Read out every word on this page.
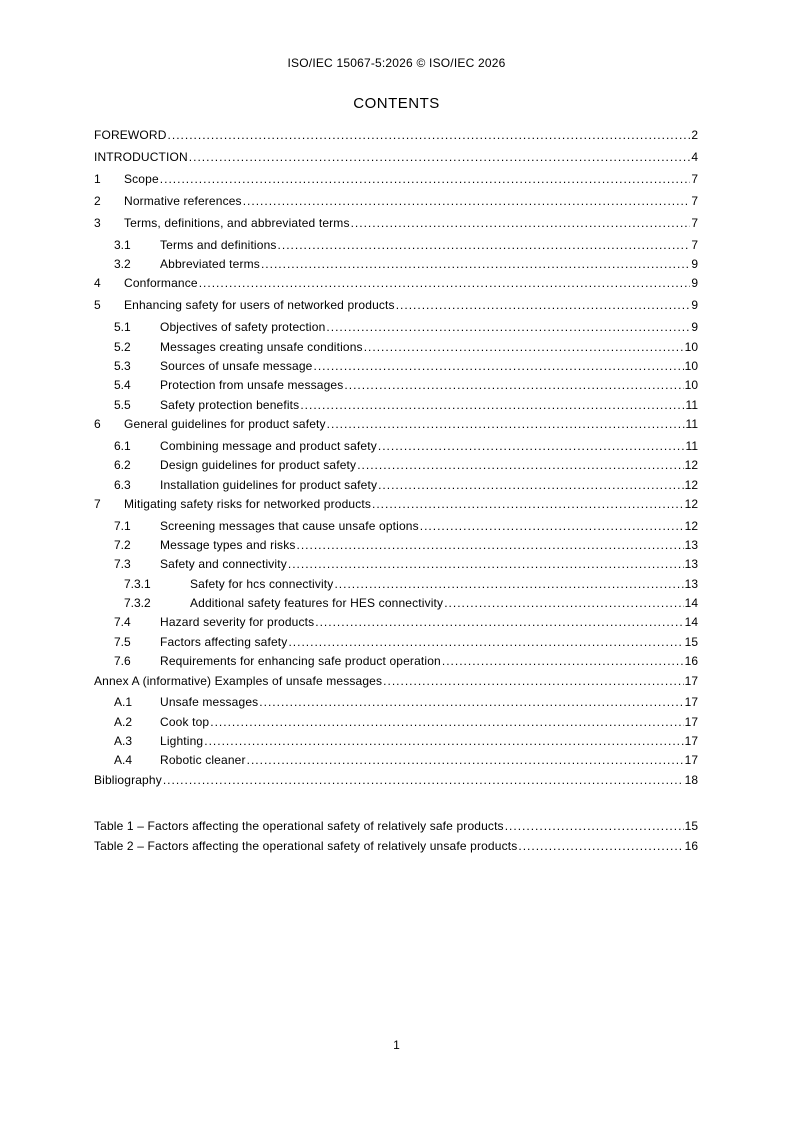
ISO/IEC 15067-5:2026 © ISO/IEC 2026
CONTENTS
FOREWORD .....	2
INTRODUCTION .....	4
1	Scope .....	7
2	Normative references .....	7
3	Terms, definitions, and abbreviated terms .....	7
3.1	Terms and definitions .....	7
3.2	Abbreviated terms .....	9
4	Conformance .....	9
5	Enhancing safety for users of networked products .....	9
5.1	Objectives of safety protection .....	9
5.2	Messages creating unsafe conditions .....	10
5.3	Sources of unsafe message .....	10
5.4	Protection from unsafe messages .....	10
5.5	Safety protection benefits .....	11
6	General guidelines for product safety .....	11
6.1	Combining message and product safety .....	11
6.2	Design guidelines for product safety .....	12
6.3	Installation guidelines for product safety .....	12
7	Mitigating safety risks for networked products .....	12
7.1	Screening messages that cause unsafe options .....	12
7.2	Message types and risks .....	13
7.3	Safety and connectivity .....	13
7.3.1	Safety for hcs connectivity .....	13
7.3.2	Additional safety features for HES connectivity .....	14
7.4	Hazard severity for products .....	14
7.5	Factors affecting safety .....	15
7.6	Requirements for enhancing safe product operation .....	16
Annex A (informative) Examples of unsafe messages .....	17
A.1	Unsafe messages .....	17
A.2	Cook top .....	17
A.3	Lighting .....	17
A.4	Robotic cleaner .....	17
Bibliography .....	18
Table 1 – Factors affecting the operational safety of relatively safe products .....	15
Table 2 – Factors affecting the operational safety of relatively unsafe products .....	16
1
